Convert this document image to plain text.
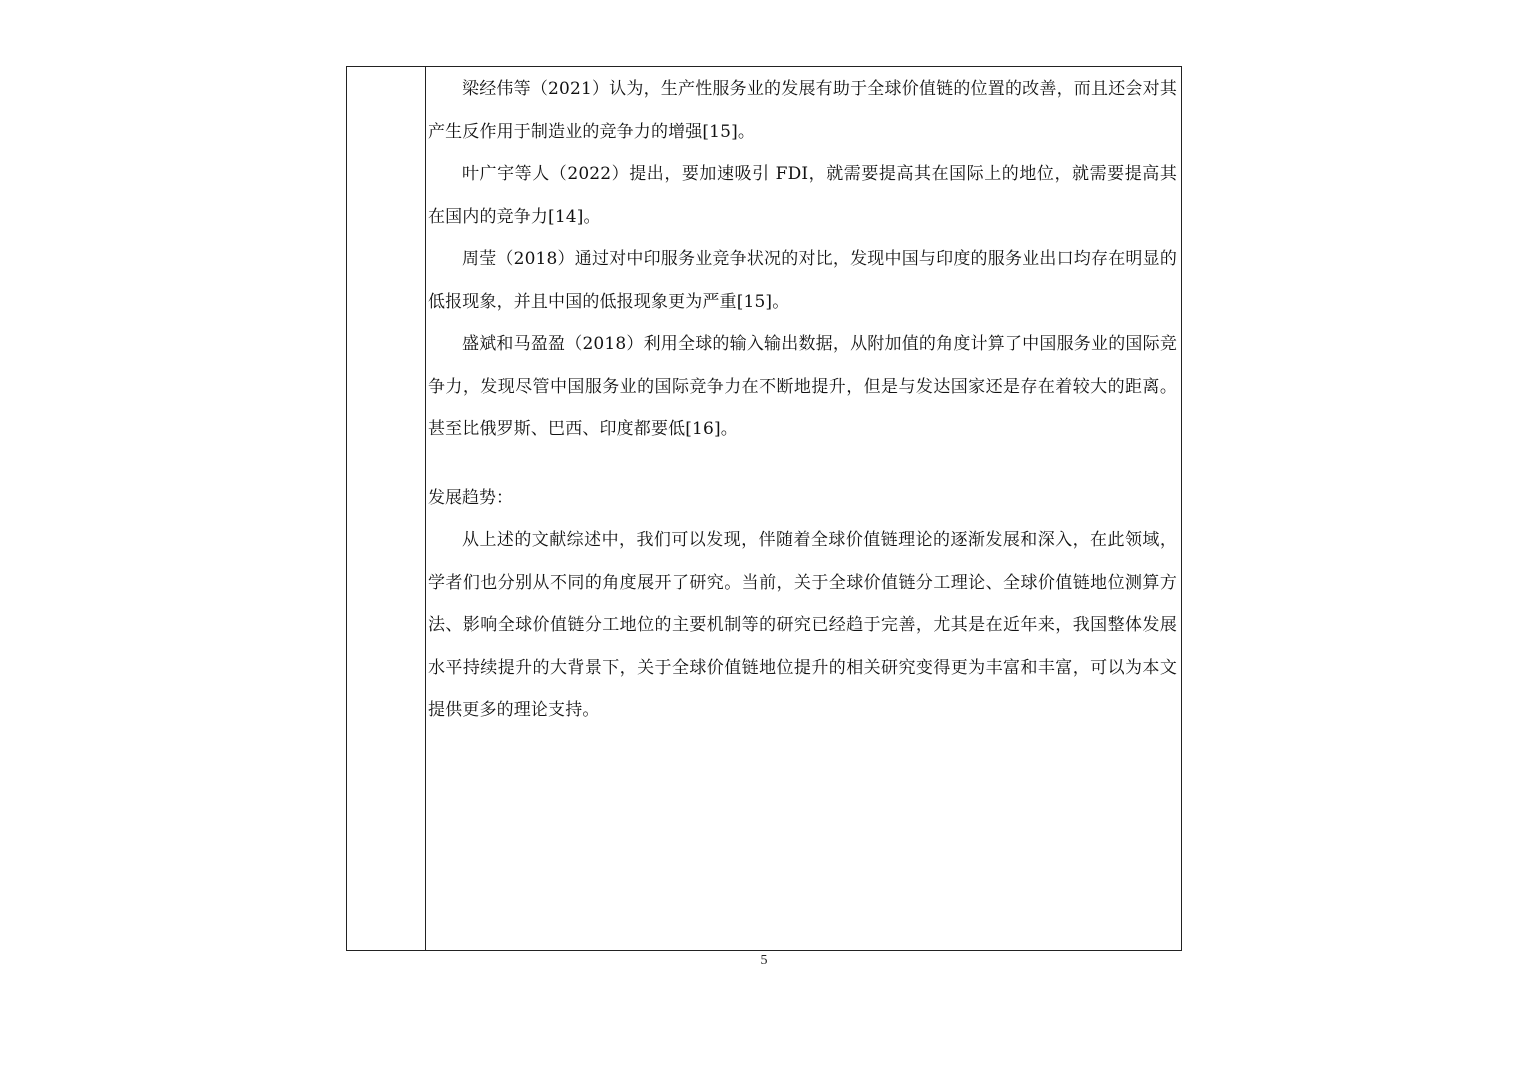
梁经伟等（2021）认为，生产性服务业的发展有助于全球价值链的位置的改善，而且还会对其产生反作用于制造业的竞争力的增强[15]。

叶广宇等人（2022）提出，要加速吸引 FDI，就需要提高其在国际上的地位，就需要提高其在国内的竞争力[14]。

周莹（2018）通过对中印服务业竞争状况的对比，发现中国与印度的服务业出口均存在明显的低报现象，并且中国的低报现象更为严重[15]。

盛斌和马盈盈（2018）利用全球的输入输出数据，从附加值的角度计算了中国服务业的国际竞争力，发现尽管中国服务业的国际竞争力在不断地提升，但是与发达国家还是存在着较大的距离。甚至比俄罗斯、巴西、印度都要低[16]。

发展趋势：

从上述的文献综述中，我们可以发现，伴随着全球价值链理论的逐渐发展和深入，在此领域，学者们也分别从不同的角度展开了研究。当前，关于全球价值链分工理论、全球价值链地位测算方法、影响全球价值链分工地位的主要机制等的研究已经趋于完善，尤其是在近年来，我国整体发展水平持续提升的大背景下，关于全球价值链地位提升的相关研究变得更为丰富和丰富，可以为本文提供更多的理论支持。

5
